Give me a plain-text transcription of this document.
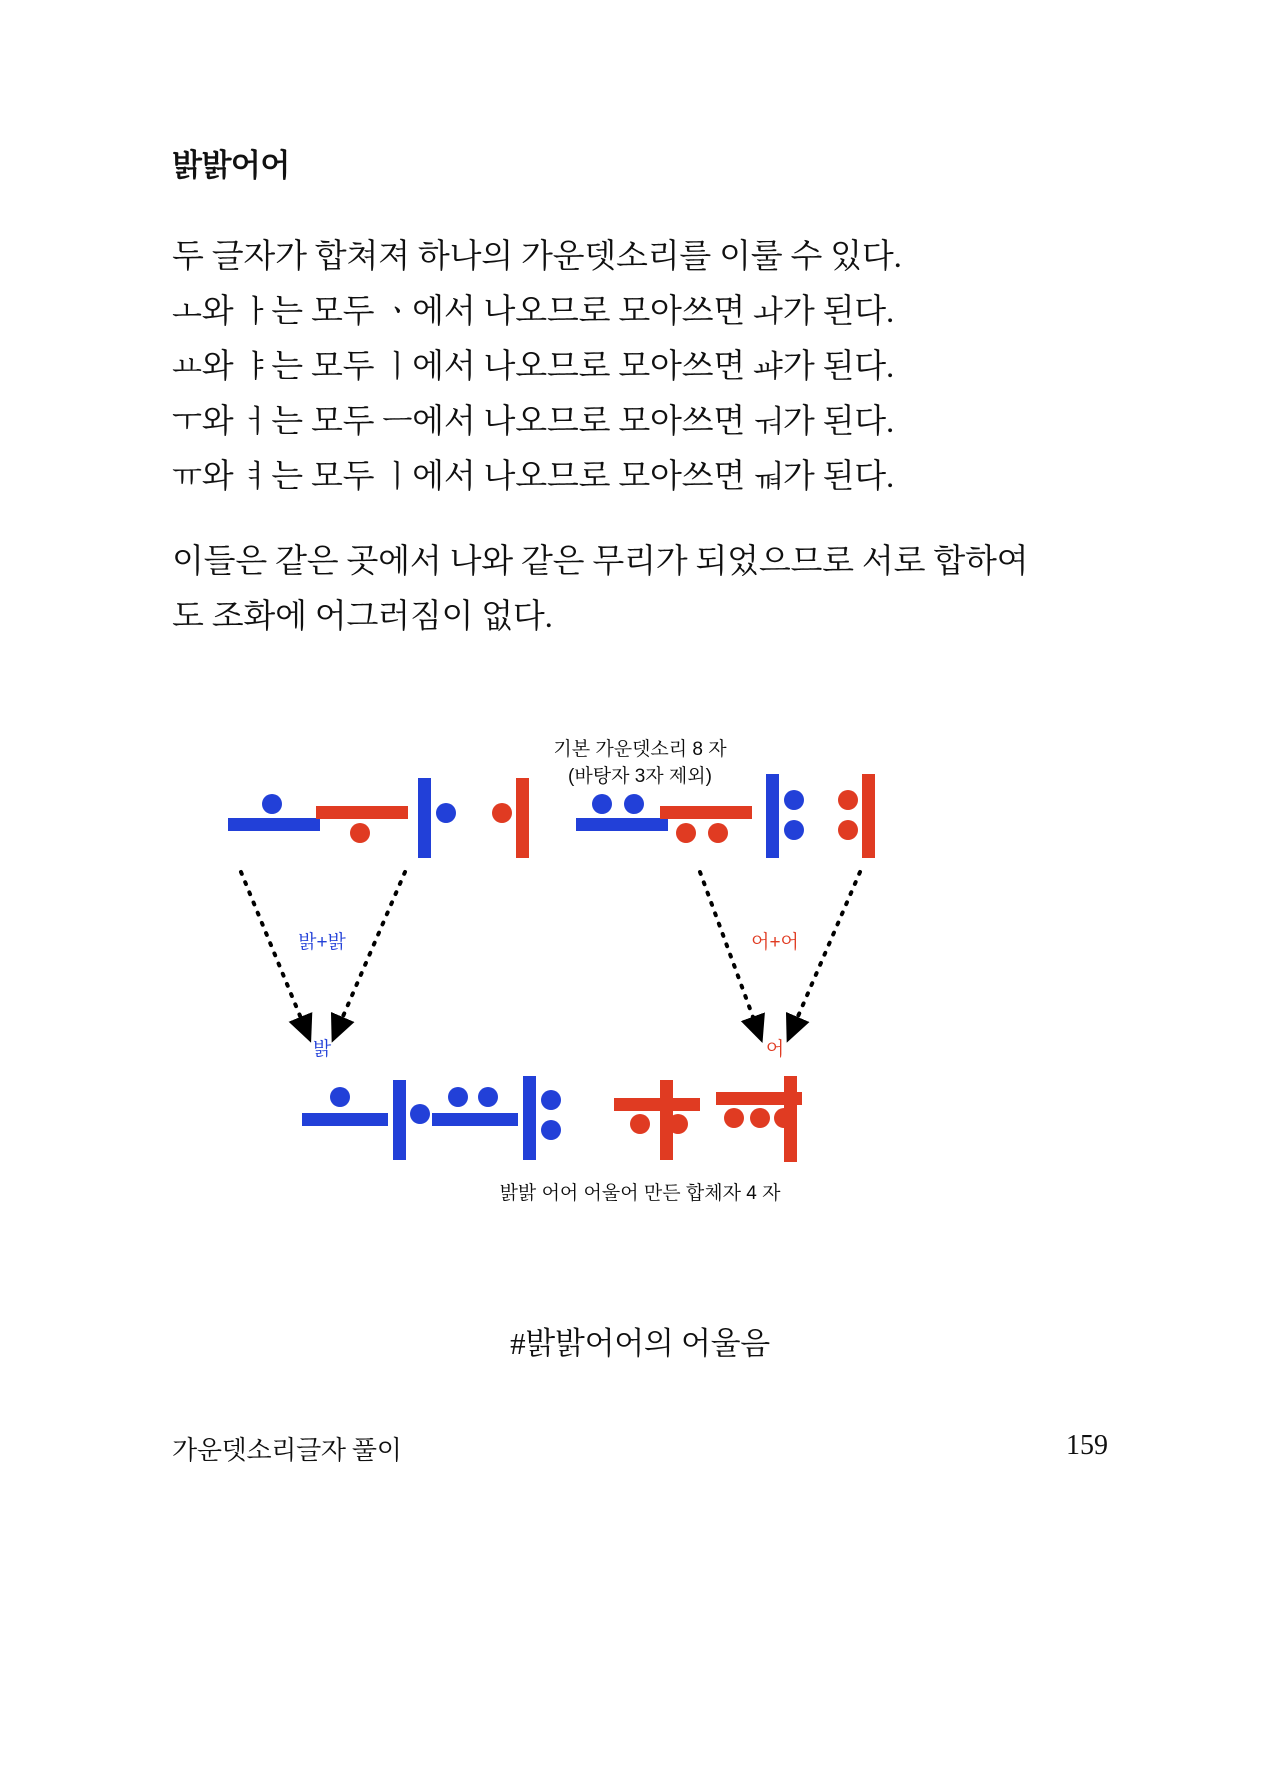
밝밝어어

두 글자가 합쳐져 하나의 가운뎃소리를 이룰 수 있다.

ㅗ와 ㅏ는 모두 ㆍ에서 나오므로 모아쓰면 ㅘ가 된다.

ㅛ와 ㅑ는 모두 ㅣ에서 나오므로 모아쓰면 ㆇ가 된다.

ㅜ와 ㅓ는 모두 ㅡ에서 나오므로 모아쓰면 ㅝ가 된다.

ㅠ와 ㅕ는 모두 ㅣ에서 나오므로 모아쓰면 ㆊ가 된다.

이들은 같은 곳에서 나와 같은 무리가 되었으므로 서로 합하여

도 조화에 어그러짐이 없다.

기본 가운뎃소리 8 자
(바탕자 3자 제외)
밝+밝
밝
어+어
어
밝밝 어어 어울어 만든 합체자 4 자
#밝밝어어의 어울음
가운뎃소리글자 풀이	159
